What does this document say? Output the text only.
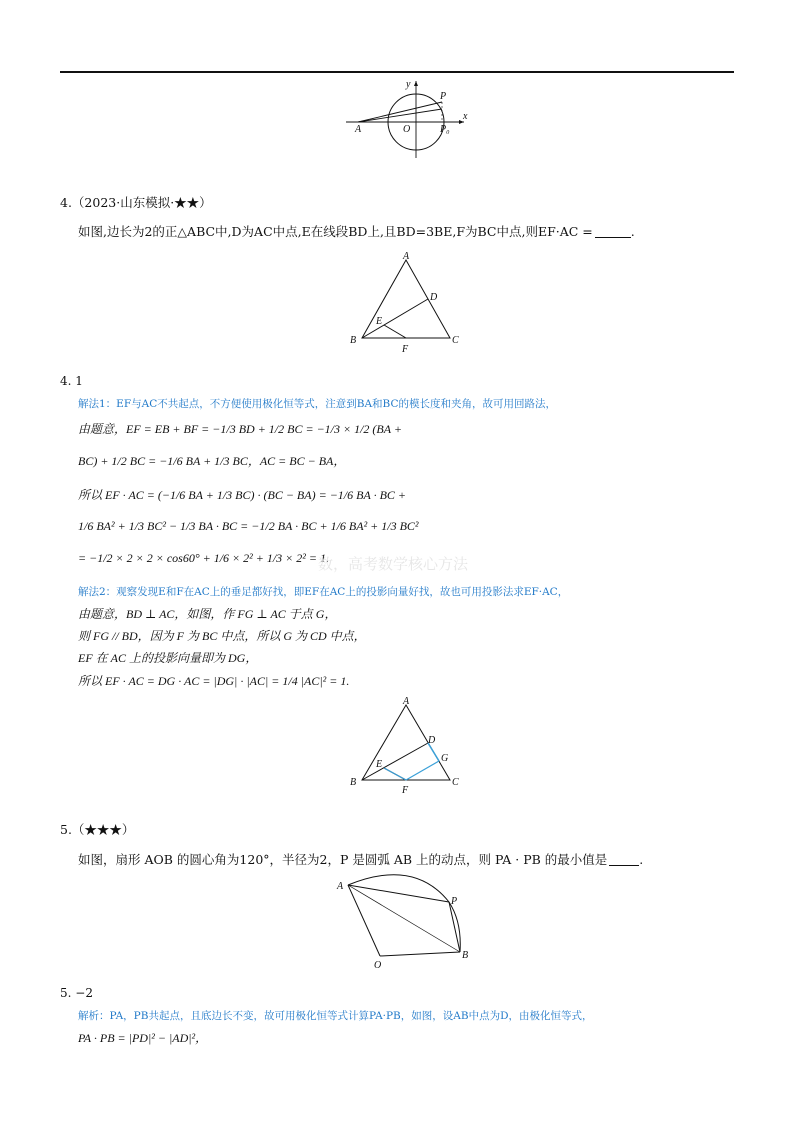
y
x
P
A	O	P₀
4.（2023·山东模拟·★★）
如图,边长为2的正△ABC中,D为AC中点,E在线段BD上,且BD=3BE,F为BC中点,则EF·AC =	.
A
B	C
D
E
F
4. 1
解法1：EF与AC不共起点，不方便使用极化恒等式，注意到BA和BC的模长度和夹角，故可用回路法，
由题意，EF = EB + BF = −1/3 BD + 1/2 BC = −1/3 × 1/2 (BA +
BC) + 1/2 BC = −1/6 BA + 1/3 BC，AC = BC − BA，
所以 EF · AC = (−1/6 BA + 1/3 BC) · (BC − BA) = −1/6 BA · BC +
1/6 BA² + 1/3 BC² − 1/3 BA · BC = −1/2 BA · BC + 1/6 BA² + 1/3 BC²
= −1/2 × 2 × 2 × cos60° + 1/6 × 2² + 1/3 × 2² = 1.
数，高考数学核心方法
解法2：观察发现E和F在AC上的垂足都好找，即EF在AC上的投影向量好找，故也可用投影法求EF·AC，
由题意，BD ⊥ AC，如图，作 FG ⊥ AC 于点 G，
则 FG // BD，因为 F 为 BC 中点，所以 G 为 CD 中点，
EF 在 AC 上的投影向量即为 DG，
所以 EF · AC = DG · AC = |DG| · |AC| = 1/4 |AC|² = 1.
A
B	C
D
E
G
F
5.（★★★）
如图，扇形 AOB 的圆心角为120°，半径为2，P 是圆弧 AB 上的动点，则 PA · PB 的最小值是	.
A
P
O
B
5. −2
解析：PA，PB共起点，且底边长不变，故可用极化恒等式计算PA·PB，如图，设AB中点为D，由极化恒等式，
PA · PB = |PD|² − |AD|²，
